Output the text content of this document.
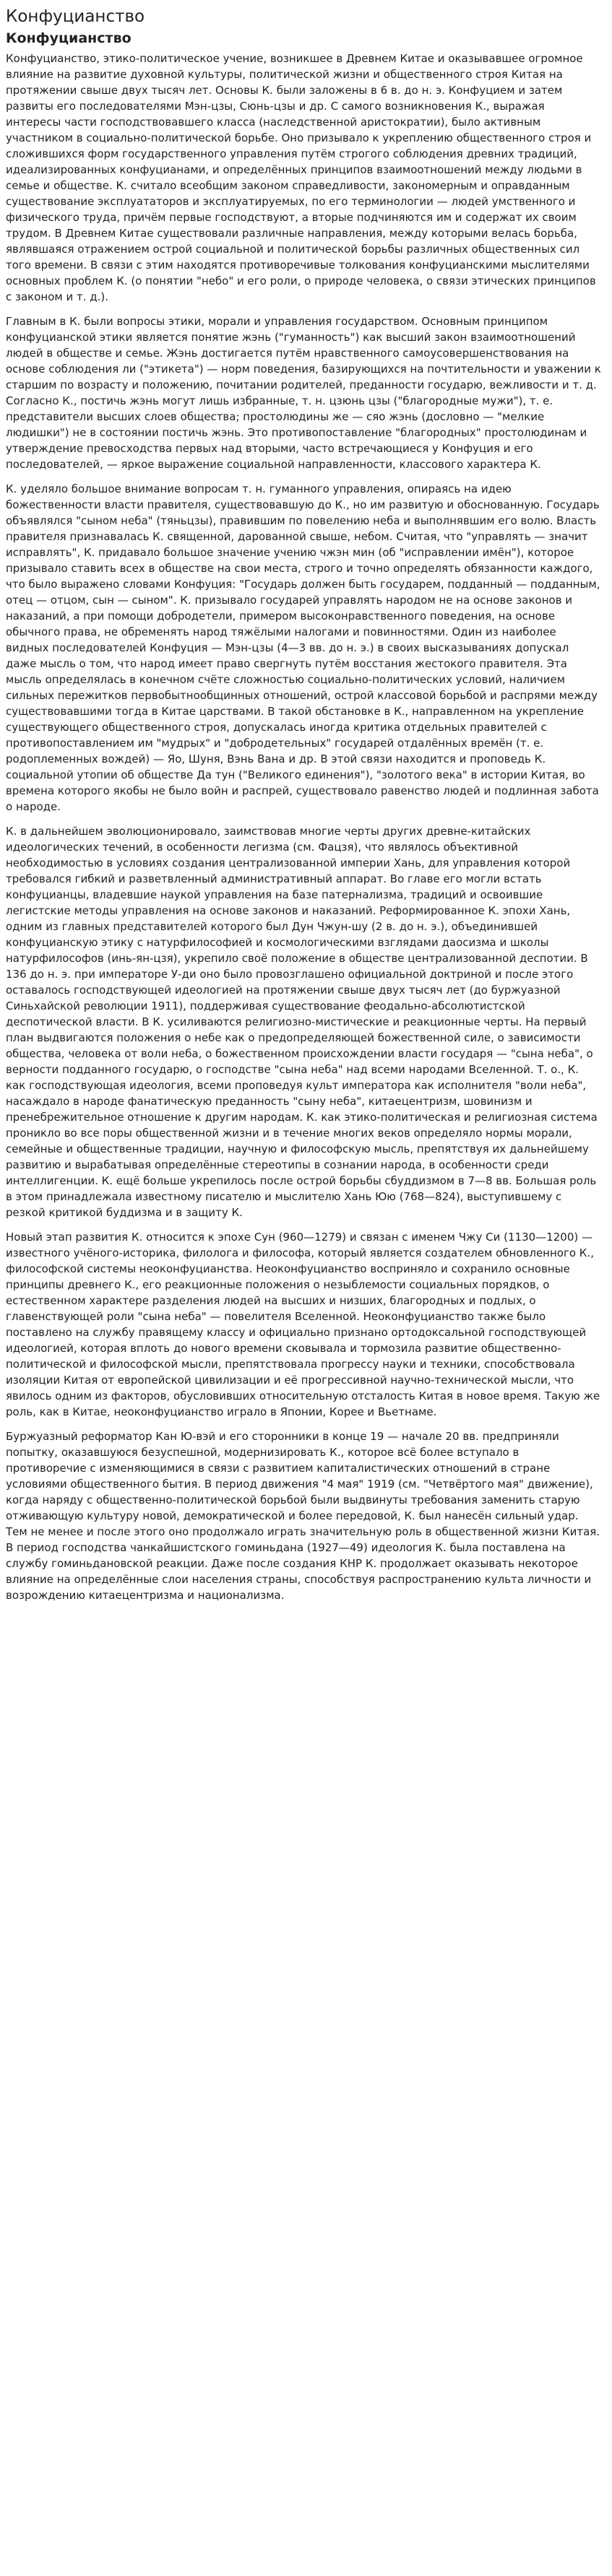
Конфуцианство
Конфуцианство

Конфуцианство, этико-политическое учение, возникшее в Древнем Китае и оказывавшее огромное влияние на развитие духовной культуры, политической жизни и общественного строя Китая на протяжении свыше двух тысяч лет. Основы К. были заложены в 6 в. до н. э. Конфуцием и затем развиты его последователями Мэн-цзы, Сюнь-цзы и др. С самого возникновения К., выражая интересы части господствовавшего класса (наследственной аристократии), было активным участником в социально-политической борьбе. Оно призывало к укреплению общественного строя и сложившихся форм государственного управления путём строгого соблюдения древних традиций, идеализированных конфуцианами, и определённых принципов взаимоотношений между людьми в семье и обществе. К. считало всеобщим законом справедливости, закономерным и оправданным существование эксплуататоров и эксплуатируемых, по его терминологии — людей умственного и физического труда, причём первые господствуют, а вторые подчиняются им и содержат их своим трудом. В Древнем Китае существовали различные направления, между которыми велась борьба, являвшаяся отражением острой социальной и политической борьбы различных общественных сил того времени. В связи с этим находятся противоречивые толкования конфуцианскими мыслителями основных проблем К. (о понятии "небо" и его роли, о природе человека, о связи этических принципов с законом и т. д.).

Главным в К. были вопросы этики, морали и управления государством. Основным принципом конфуцианской этики является понятие жэнь ("гуманность") как высший закон взаимоотношений людей в обществе и семье. Жэнь достигается путём нравственного самоусовершенствования на основе соблюдения ли ("этикета") — норм поведения, базирующихся на почтительности и уважении к старшим по возрасту и положению, почитании родителей, преданности государю, вежливости и т. д. Согласно К., постичь жэнь могут лишь избранные, т. н. цзюнь цзы ("благородные мужи"), т. е. представители высших слоев общества; простолюдины же — сяо жэнь (дословно — "мелкие людишки") не в состоянии постичь жэнь. Это противопоставление "благородных" простолюдинам и утверждение превосходства первых над вторыми, часто встречающиеся у Конфуция и его последователей, — яркое выражение социальной направленности, классового характера К.

К. уделяло большое внимание вопросам т. н. гуманного управления, опираясь на идею божественности власти правителя, существовавшую до К., но им развитую и обоснованную. Государь объявлялся "сыном неба" (тяньцзы), правившим по повелению неба и выполнявшим его волю. Власть правителя признавалась К. священной, дарованной свыше, небом. Считая, что "управлять — значит исправлять", К. придавало большое значение учению чжэн мин (об "исправлении имён"), которое призывало ставить всех в обществе на свои места, строго и точно определять обязанности каждого, что было выражено словами Конфуция: "Государь должен быть государем, подданный — подданным, отец — отцом, сын — сыном". К. призывало государей управлять народом не на основе законов и наказаний, а при помощи добродетели, примером высоконравственного поведения, на основе обычного права, не обременять народ тяжёлыми налогами и повинностями. Один из наиболее видных последователей Конфуция — Мэн-цзы (4—3 вв. до н. э.) в своих высказываниях допускал даже мысль о том, что народ имеет право свергнуть путём восстания жестокого правителя. Эта мысль определялась в конечном счёте сложностью социально-политических условий, наличием сильных пережитков первобытнообщинных отношений, острой классовой борьбой и распрями между существовавшими тогда в Китае царствами. В такой обстановке в К., направленном на укрепление существующего общественного строя, допускалась иногда критика отдельных правителей с противопоставлением им "мудрых" и "добродетельных" государей отдалённых времён (т. е. родоплеменных вождей) — Яо, Шуня, Вэнь Вана и др. В этой связи находится и проповедь К. социальной утопии об обществе Да тун ("Великого единения"), "золотого века" в истории Китая, во времена которого якобы не было войн и распрей, существовало равенство людей и подлинная забота о народе.

К. в дальнейшем эволюционировало, заимствовав многие черты других древне-китайских идеологических течений, в особенности легизма (см. Фацзя), что являлось объективной необходимостью в условиях создания централизованной империи Хань, для управления которой требовался гибкий и разветвленный административный аппарат. Во главе его могли встать конфуцианцы, владевшие наукой управления на базе патернализма, традиций и освоившие легистские методы управления на основе законов и наказаний. Реформированное К. эпохи Хань, одним из главных представителей которого был Дун Чжун-шу (2 в. до н. э.), объединившей конфуцианскую этику с натурфилософией и космологическими взглядами даосизма и школы натурфилософов (инь-ян-цзя), укрепило своё положение в обществе централизованной деспотии. В 136 до н. э. при императоре У-ди оно было провозглашено официальной доктриной и после этого оставалось господствующей идеологией на протяжении свыше двух тысяч лет (до буржуазной Синьхайской революции 1911), поддерживая существование феодально-абсолютистской деспотической власти. В К. усиливаются религиозно-мистические и реакционные черты. На первый план выдвигаются положения о небе как о предопределяющей божественной силе, о зависимости общества, человека от воли неба, о божественном происхождении власти государя — "сына неба", о верности подданного государю, о господстве "сына неба" над всеми народами Вселенной. Т. о., К. как господствующая идеология, всеми проповедуя культ императора как исполнителя "воли неба", насаждало в народе фанатическую преданность "сыну неба", китаецентризм, шовинизм и пренебрежительное отношение к другим народам. К. как этико-политическая и религиозная система проникло во все поры общественной жизни и в течение многих веков определяло нормы морали, семейные и общественные традиции, научную и философскую мысль, препятствуя их дальнейшему развитию и вырабатывая определённые стереотипы в сознании народа, в особенности среди интеллигенции. К. ещё больше укрепилось после острой борьбы сбуддизмом в 7—8 вв. Большая роль в этом принадлежала известному писателю и мыслителю Хань Юю (768—824), выступившему с резкой критикой буддизма и в защиту К.

Новый этап развития К. относится к эпохе Сун (960—1279) и связан с именем Чжу Си (1130—1200) — известного учёного-историка, филолога и философа, который является создателем обновленного К., философской системы неоконфуцианства. Неоконфуцианство восприняло и сохранило основные принципы древнего К., его реакционные положения о незыблемости социальных порядков, о естественном характере разделения людей на высших и низших, благородных и подлых, о главенствующей роли "сына неба" — повелителя Вселенной. Неоконфуцианство также было поставлено на службу правящему классу и официально признано ортодоксальной господствующей идеологией, которая вплоть до нового времени сковывала и тормозила развитие общественно-политической и философской мысли, препятствовала прогрессу науки и техники, способствовала изоляции Китая от европейской цивилизации и её прогрессивной научно-технической мысли, что явилось одним из факторов, обусловивших относительную отсталость Китая в новое время. Такую же роль, как в Китае, неоконфуцианство играло в Японии, Корее и Вьетнаме.

Буржуазный реформатор Кан Ю-вэй и его сторонники в конце 19 — начале 20 вв. предприняли попытку, оказавшуюся безуспешной, модернизировать К., которое всё более вступало в противоречие с изменяющимися в связи с развитием капиталистических отношений в стране условиями общественного бытия. В период движения "4 мая" 1919 (см. "Четвёртого мая" движение), когда наряду с общественно-политической борьбой были выдвинуты требования заменить старую отживающую культуру новой, демократической и более передовой, К. был нанесён сильный удар. Тем не менее и после этого оно продолжало играть значительную роль в общественной жизни Китая. В период господства чанкайшистского гоминьдана (1927—49) идеология К. была поставлена на службу гоминьдановской реакции. Даже после создания КНР К. продолжает оказывать некоторое влияние на определённые слои населения страны, способствуя распространению культа личности и возрождению китаецентризма и национализма.
